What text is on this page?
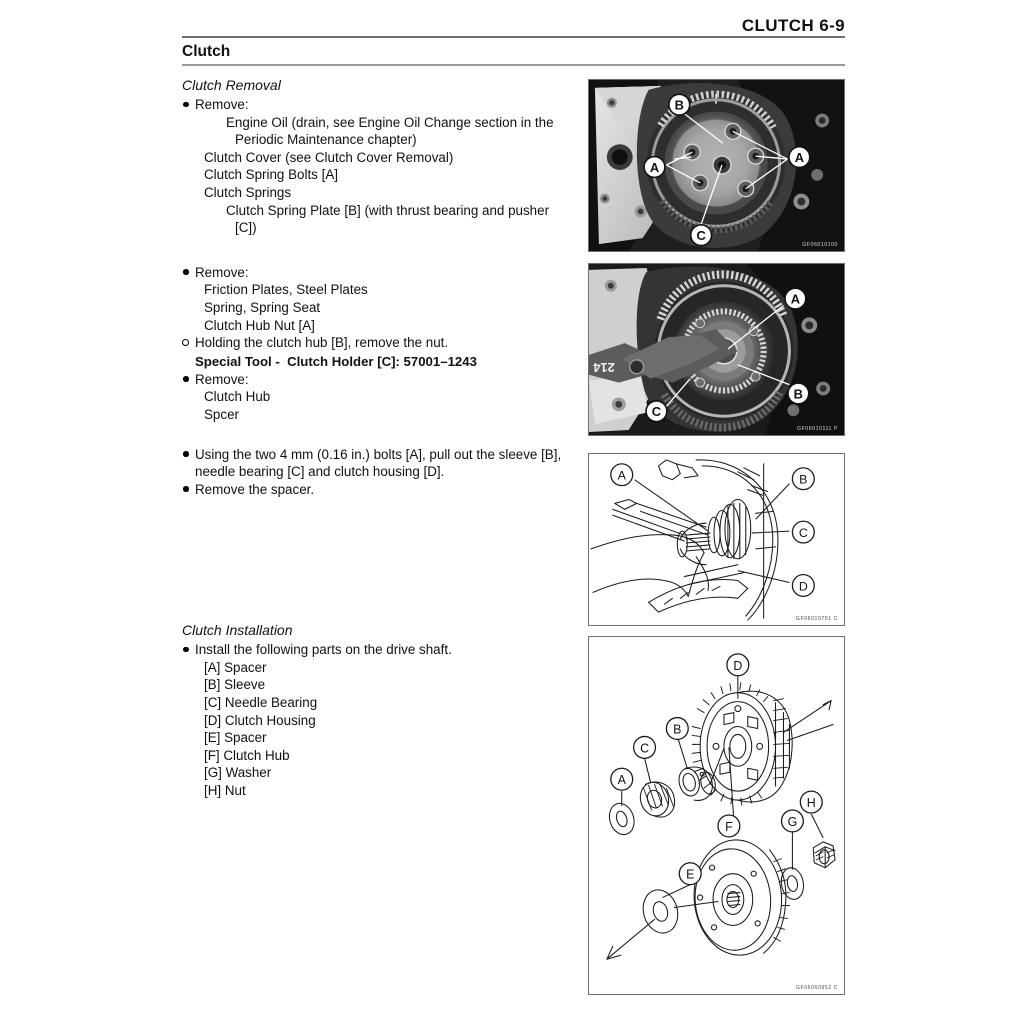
CLUTCH 6-9
Clutch
Clutch Removal
Remove:
Engine Oil (drain, see Engine Oil Change section in the Periodic Maintenance chapter)
Clutch Cover (see Clutch Cover Removal)
Clutch Spring Bolts [A]
Clutch Springs
Clutch Spring Plate [B] (with thrust bearing and pusher [C])
Remove:
Friction Plates, Steel Plates
Spring, Spring Seat
Clutch Hub Nut [A]
Holding the clutch hub [B], remove the nut.
Special Tool -  Clutch Holder [C]: 57001–1243
Remove:
Clutch Hub
Spcer
Using the two 4 mm (0.16 in.) bolts [A], pull out the sleeve [B], needle bearing [C] and clutch housing [D].
Remove the spacer.
Clutch Installation
Install the following parts on the drive shaft.
[A] Spacer
[B] Sleeve
[C] Needle Bearing
[D] Clutch Housing
[E] Spacer
[F] Clutch Hub
[G] Washer
[H] Nut
B
A
A
C
GF06010100
214
A
B
C
GF06010111 P
A	B
C
D
GF06010751 C
D
B
C
A
H
G
F
E
GF06060952 C
